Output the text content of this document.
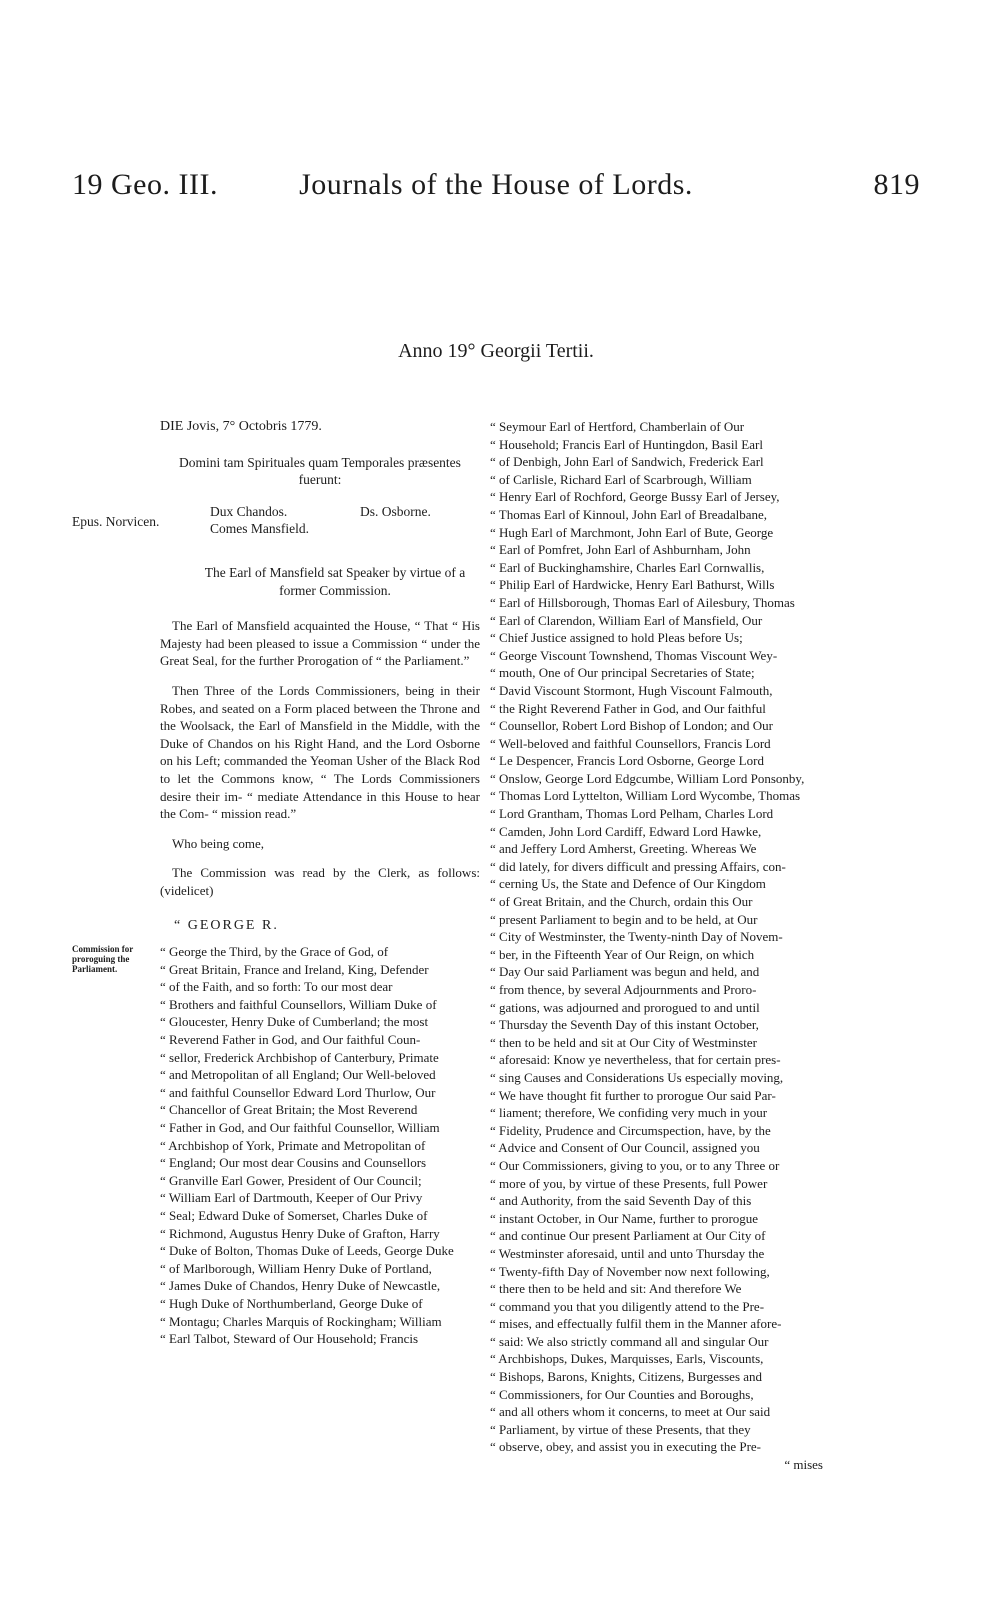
19 Geo. III.	Journals of the House of Lords.	819
Anno 19° Georgii Tertii.
Epus. Norvicen.
Commission for proroguing the Parliament.

DIE Jovis, 7° Octobris 1779.

Domini tam Spirituales quam Temporales præsentes fuerunt:

Dux Chandos.
Comes Mansfield.
Ds. Osborne.

The Earl of Mansfield sat Speaker by virtue of a former Commission.

The Earl of Mansfield acquainted the House, “ That “ His Majesty had been pleased to issue a Commission “ under the Great Seal, for the further Prorogation of “ the Parliament.”

Then Three of the Lords Commissioners, being in their Robes, and seated on a Form placed between the Throne and the Woolsack, the Earl of Mansfield in the Middle, with the Duke of Chandos on his Right Hand, and the Lord Osborne on his Left; commanded the Yeoman Usher of the Black Rod to let the Commons know, “ The Lords Commissioners desire their im- “ mediate Attendance in this House to hear the Com- “ mission read.”

Who being come,

The Commission was read by the Clerk, as follows: (videlicet)

“ GEORGE R.

“ George the Third, by the Grace of God, of
“ Great Britain, France and Ireland, King, Defender
“ of the Faith, and so forth: To our most dear
“ Brothers and faithful Counsellors, William Duke of
“ Gloucester, Henry Duke of Cumberland; the most
“ Reverend Father in God, and Our faithful Coun-
“ sellor, Frederick Archbishop of Canterbury, Primate
“ and Metropolitan of all England; Our Well-beloved
“ and faithful Counsellor Edward Lord Thurlow, Our
“ Chancellor of Great Britain; the Most Reverend
“ Father in God, and Our faithful Counsellor, William
“ Archbishop of York, Primate and Metropolitan of
“ England; Our most dear Cousins and Counsellors
“ Granville Earl Gower, President of Our Council;
“ William Earl of Dartmouth, Keeper of Our Privy
“ Seal; Edward Duke of Somerset, Charles Duke of
“ Richmond, Augustus Henry Duke of Grafton, Harry
“ Duke of Bolton, Thomas Duke of Leeds, George Duke
“ of Marlborough, William Henry Duke of Portland,
“ James Duke of Chandos, Henry Duke of Newcastle,
“ Hugh Duke of Northumberland, George Duke of
“ Montagu; Charles Marquis of Rockingham; William
“ Earl Talbot, Steward of Our Household; Francis
“ Seymour Earl of Hertford, Chamberlain of Our
“ Household; Francis Earl of Huntingdon, Basil Earl
“ of Denbigh, John Earl of Sandwich, Frederick Earl
“ of Carlisle, Richard Earl of Scarbrough, William
“ Henry Earl of Rochford, George Bussy Earl of Jersey,
“ Thomas Earl of Kinnoul, John Earl of Breadalbane,
“ Hugh Earl of Marchmont, John Earl of Bute, George
“ Earl of Pomfret, John Earl of Ashburnham, John
“ Earl of Buckinghamshire, Charles Earl Cornwallis,
“ Philip Earl of Hardwicke, Henry Earl Bathurst, Wills
“ Earl of Hillsborough, Thomas Earl of Ailesbury, Thomas
“ Earl of Clarendon, William Earl of Mansfield, Our
“ Chief Justice assigned to hold Pleas before Us;
“ George Viscount Townshend, Thomas Viscount Wey-
“ mouth, One of Our principal Secretaries of State;
“ David Viscount Stormont, Hugh Viscount Falmouth,
“ the Right Reverend Father in God, and Our faithful
“ Counsellor, Robert Lord Bishop of London; and Our
“ Well-beloved and faithful Counsellors, Francis Lord
“ Le Despencer, Francis Lord Osborne, George Lord
“ Onslow, George Lord Edgcumbe, William Lord Ponsonby,
“ Thomas Lord Lyttelton, William Lord Wycombe, Thomas
“ Lord Grantham, Thomas Lord Pelham, Charles Lord
“ Camden, John Lord Cardiff, Edward Lord Hawke,
“ and Jeffery Lord Amherst, Greeting. Whereas We
“ did lately, for divers difficult and pressing Affairs, con-
“ cerning Us, the State and Defence of Our Kingdom
“ of Great Britain, and the Church, ordain this Our
“ present Parliament to begin and to be held, at Our
“ City of Westminster, the Twenty-ninth Day of Novem-
“ ber, in the Fifteenth Year of Our Reign, on which
“ Day Our said Parliament was begun and held, and
“ from thence, by several Adjournments and Proro-
“ gations, was adjourned and prorogued to and until
“ Thursday the Seventh Day of this instant October,
“ then to be held and sit at Our City of Westminster
“ aforesaid: Know ye nevertheless, that for certain pres-
“ sing Causes and Considerations Us especially moving,
“ We have thought fit further to prorogue Our said Par-
“ liament; therefore, We confiding very much in your
“ Fidelity, Prudence and Circumspection, have, by the
“ Advice and Consent of Our Council, assigned you
“ Our Commissioners, giving to you, or to any Three or
“ more of you, by virtue of these Presents, full Power
“ and Authority, from the said Seventh Day of this
“ instant October, in Our Name, further to prorogue
“ and continue Our present Parliament at Our City of
“ Westminster aforesaid, until and unto Thursday the
“ Twenty-fifth Day of November now next following,
“ there then to be held and sit: And therefore We
“ command you that you diligently attend to the Pre-
“ mises, and effectually fulfil them in the Manner afore-
“ said: We also strictly command all and singular Our
“ Archbishops, Dukes, Marquisses, Earls, Viscounts,
“ Bishops, Barons, Knights, Citizens, Burgesses and
“ Commissioners, for Our Counties and Boroughs,
“ and all others whom it concerns, to meet at Our said
“ Parliament, by virtue of these Presents, that they
“ observe, obey, and assist you in executing the Pre-

“ mises
